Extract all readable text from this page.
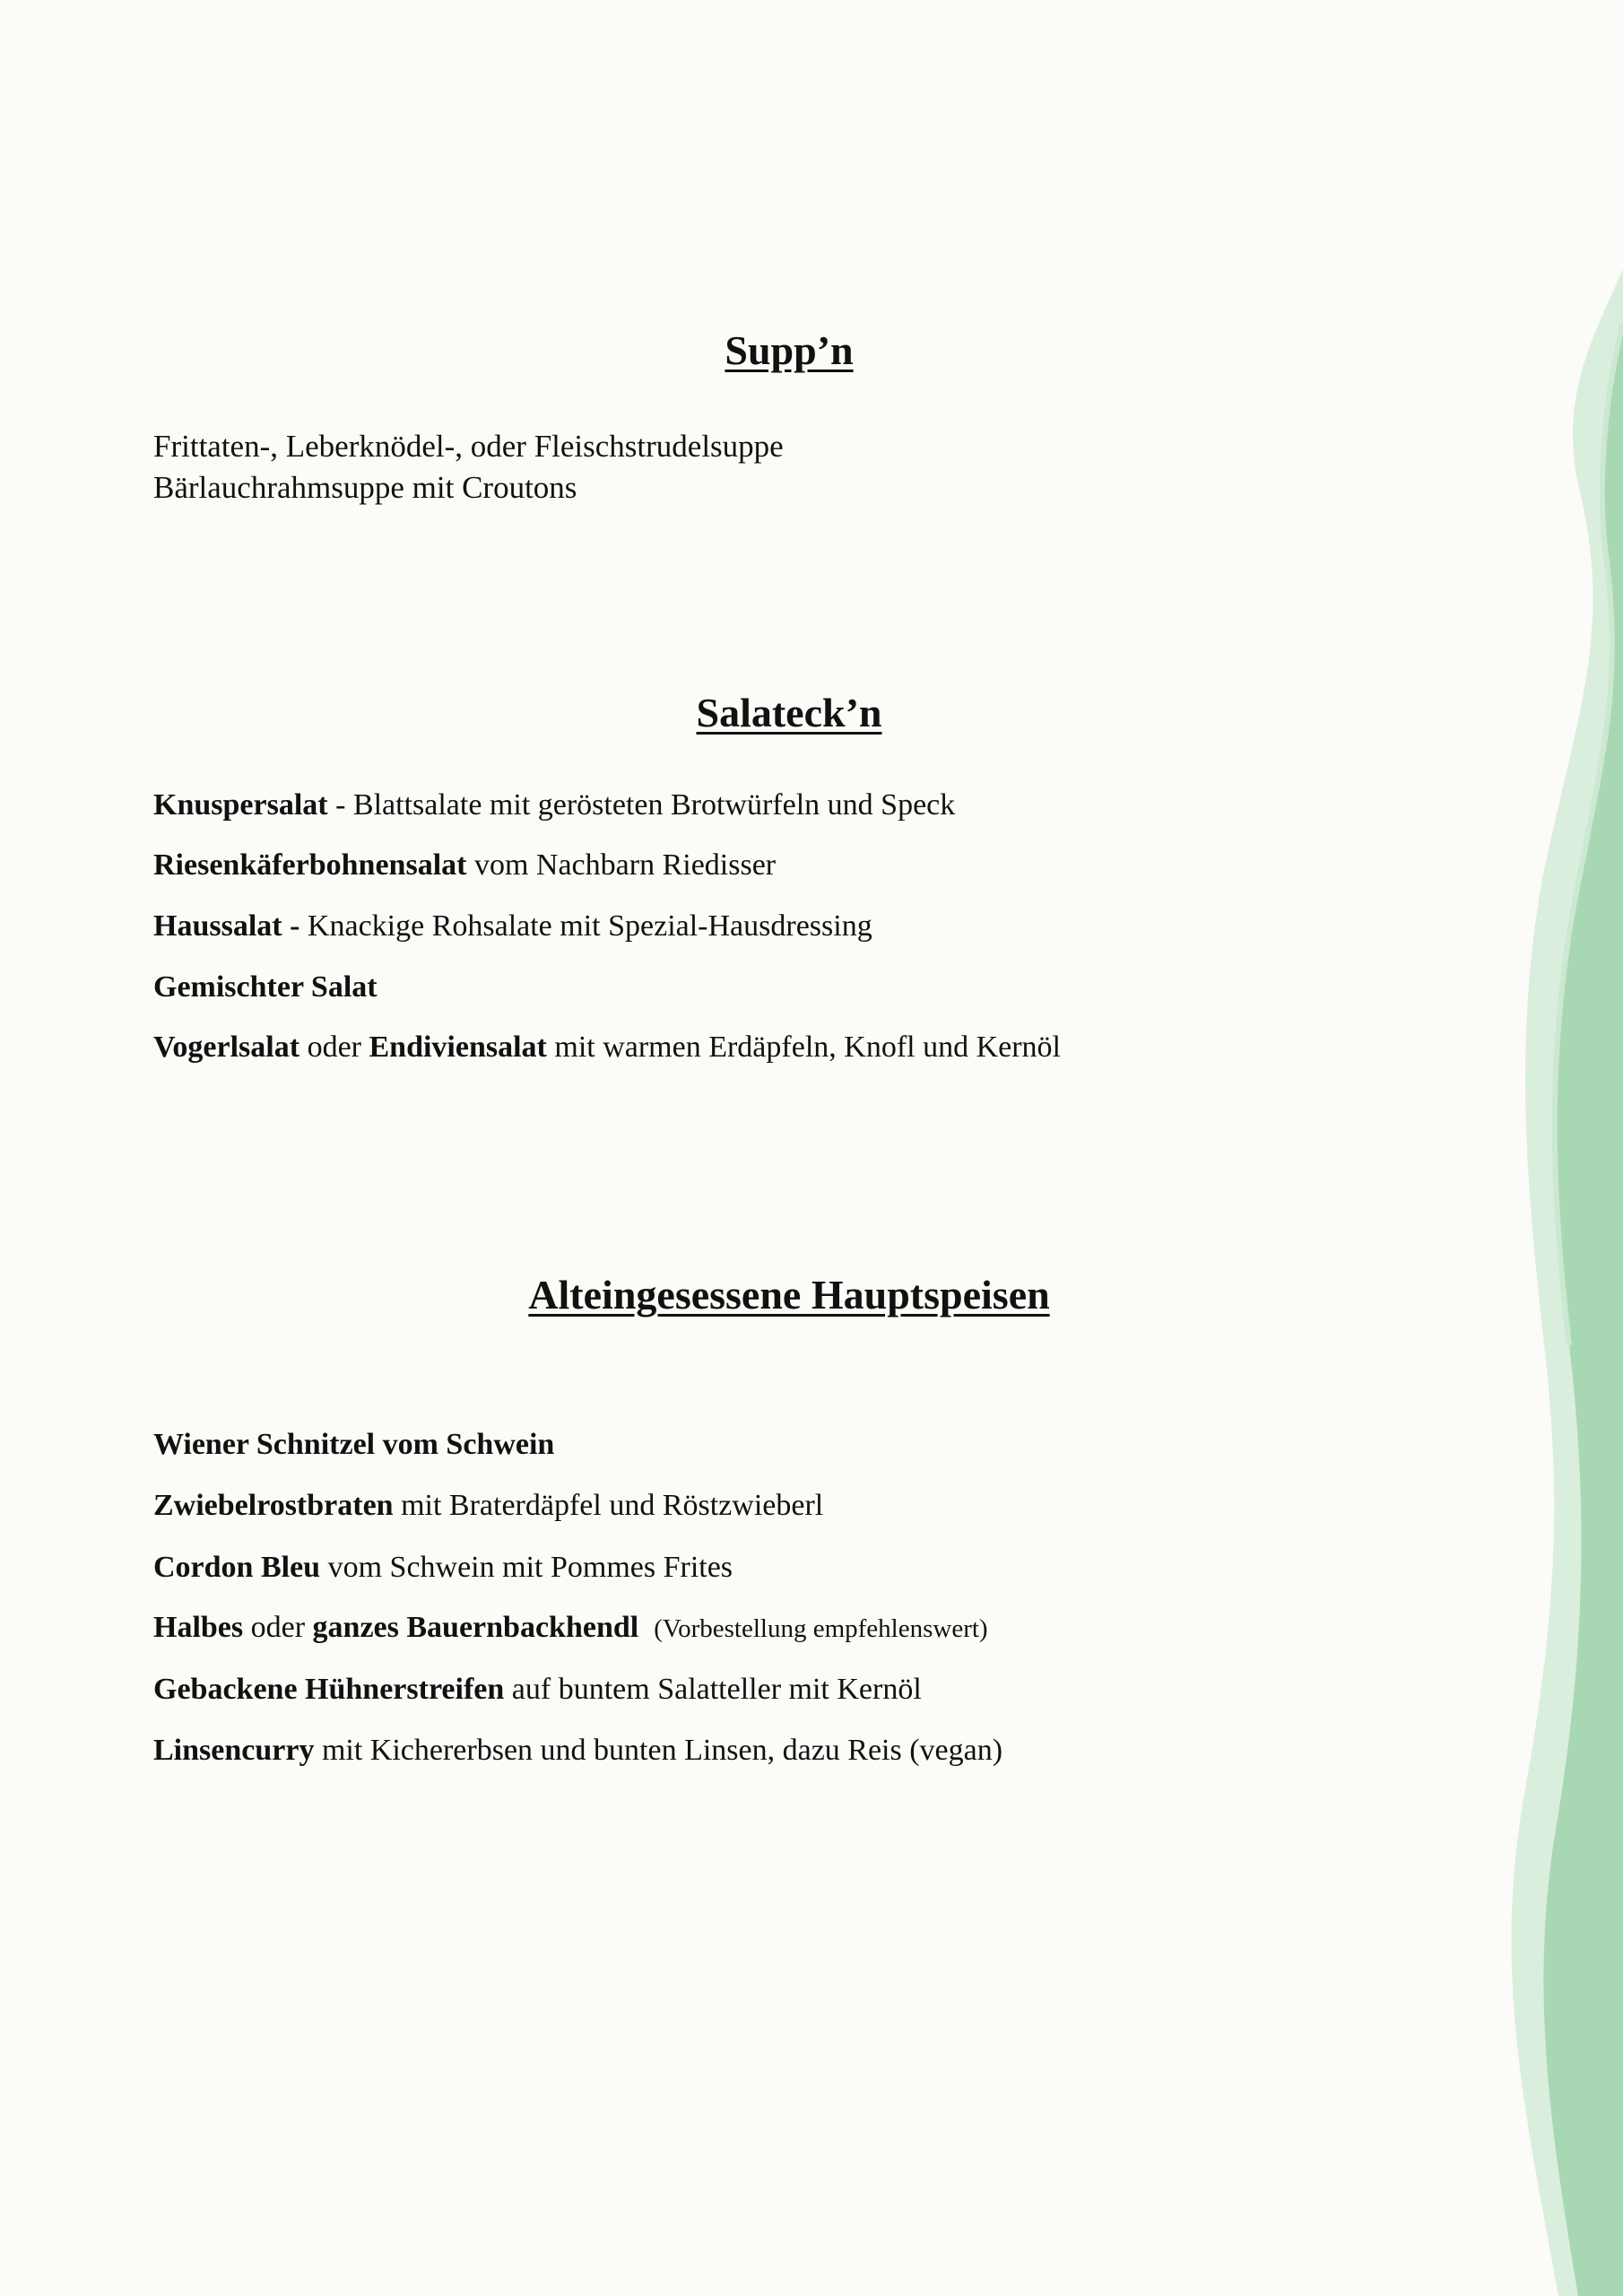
Supp’n
Frittaten-, Leberknödel-, oder Fleischstrudelsuppe
Bärlauchrahmsuppe mit Croutons
Salateck’n
Knuspersalat - Blattsalate mit gerösteten Brotwürfeln und Speck
Riesenkäferbohnensalat vom Nachbarn Riedisser
Haussalat - Knackige Rohsalate mit Spezial-Hausdressing
Gemischter Salat
Vogerlsalat oder Endiviensalat mit warmen Erdäpfeln, Knofl und Kernöl
Alteingesessene Hauptspeisen
Wiener Schnitzel vom Schwein
Zwiebelrostbraten mit Braterdäpfel und Röstzwieberl
Cordon Bleu vom Schwein mit Pommes Frites
Halbes oder ganzes Bauernbackhendl (Vorbestellung empfehlenswert)
Gebackene Hühnerstreifen auf buntem Salatteller mit Kernöl
Linsencurry mit Kichererbsen und bunten Linsen, dazu Reis (vegan)
